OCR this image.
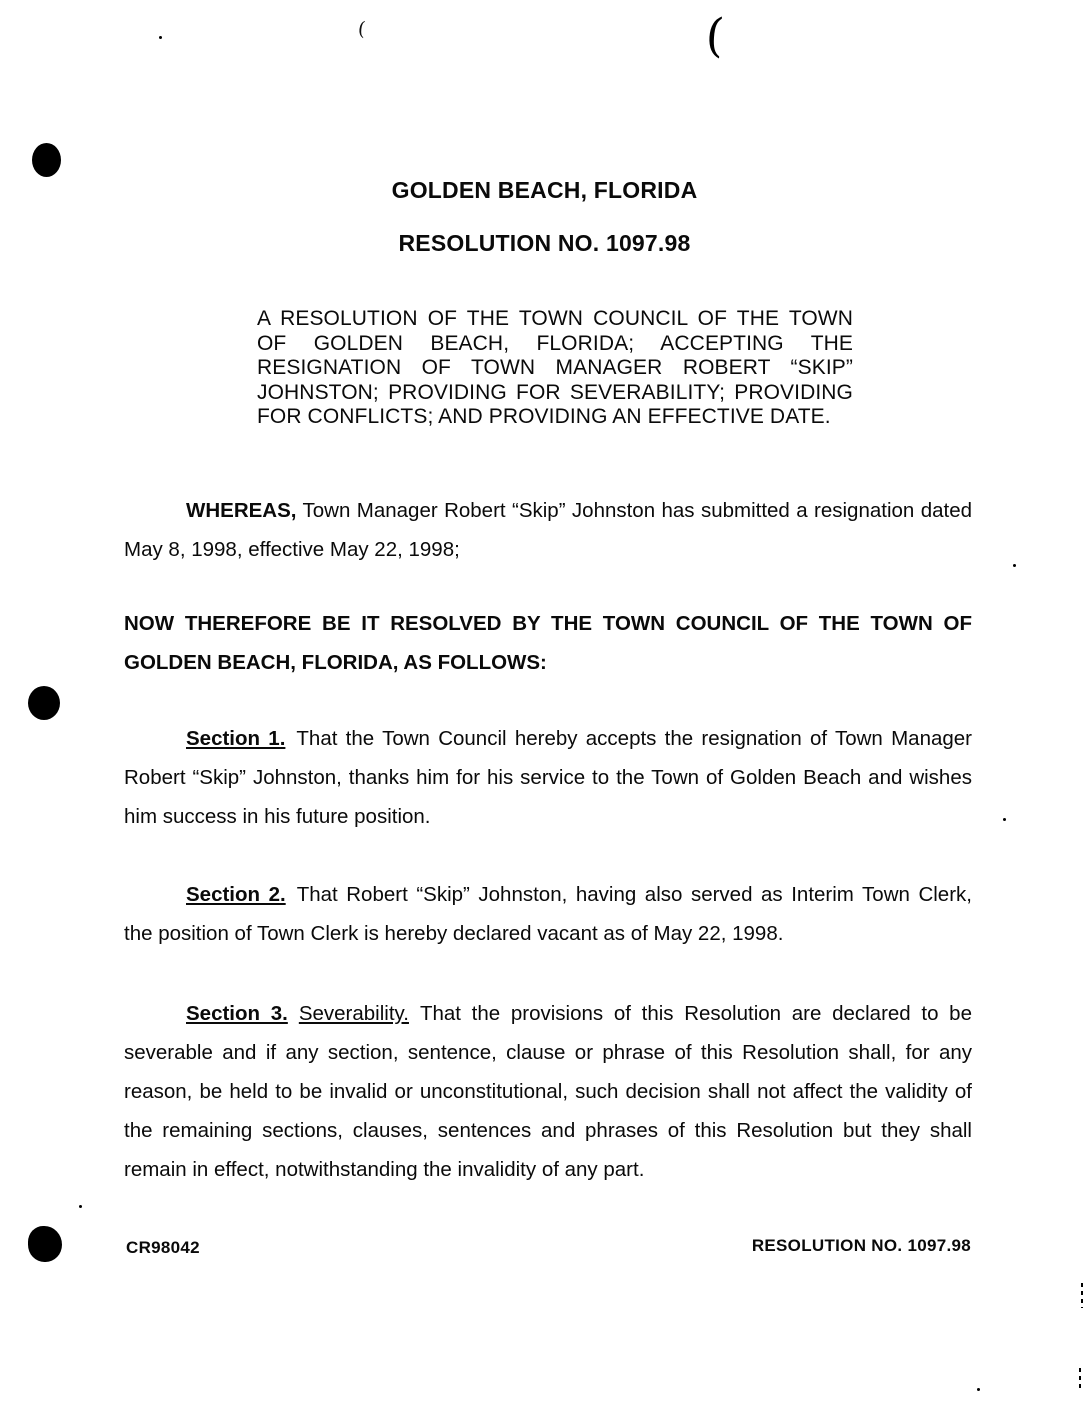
(
(
GOLDEN BEACH, FLORIDA
RESOLUTION NO. 1097.98
A RESOLUTION OF THE TOWN COUNCIL OF THE TOWN OF GOLDEN BEACH, FLORIDA; ACCEPTING THE RESIGNATION OF TOWN MANAGER ROBERT “SKIP” JOHNSTON; PROVIDING FOR SEVERABILITY; PROVIDING FOR CONFLICTS; AND PROVIDING AN EFFECTIVE DATE.

WHEREAS, Town Manager Robert “Skip” Johnston has submitted a resignation dated May 8, 1998, effective May 22, 1998;

NOW THEREFORE BE IT RESOLVED BY THE TOWN COUNCIL OF THE TOWN OF GOLDEN BEACH, FLORIDA, AS FOLLOWS:

Section 1. That the Town Council hereby accepts the resignation of Town Manager Robert “Skip” Johnston, thanks him for his service to the Town of Golden Beach and wishes him success in his future position.

Section 2. That Robert “Skip” Johnston, having also served as Interim Town Clerk, the position of Town Clerk is hereby declared vacant as of May 22, 1998.

Section 3. Severability. That the provisions of this Resolution are declared to be severable and if any section, sentence, clause or phrase of this Resolution shall, for any reason, be held to be invalid or unconstitutional, such decision shall not affect the validity of the remaining sections, clauses, sentences and phrases of this Resolution but they shall remain in effect, notwithstanding the invalidity of any part.

CR98042	RESOLUTION NO. 1097.98
